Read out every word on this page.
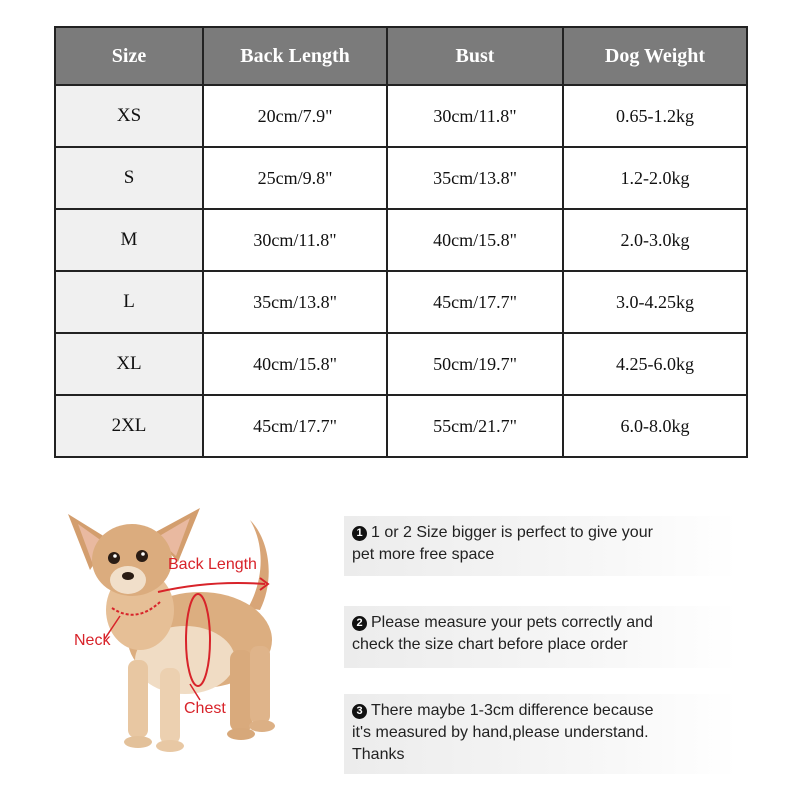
Size	Back Length	Bust	Dog Weight
XS	20cm/7.9"	30cm/11.8"	0.65-1.2kg
S	25cm/9.8"	35cm/13.8"	1.2-2.0kg
M	30cm/11.8"	40cm/15.8"	2.0-3.0kg
L	35cm/13.8"	45cm/17.7"	3.0-4.25kg
XL	40cm/15.8"	50cm/19.7"	4.25-6.0kg
2XL	45cm/17.7"	55cm/21.7"	6.0-8.0kg
Back Length
Neck
Chest
1 1 or 2 Size bigger is perfect to give your
pet more free space
2 Please measure your pets correctly and
check the size chart before place order
3 There maybe 1-3cm difference because
it's measured by hand,please understand.
Thanks
